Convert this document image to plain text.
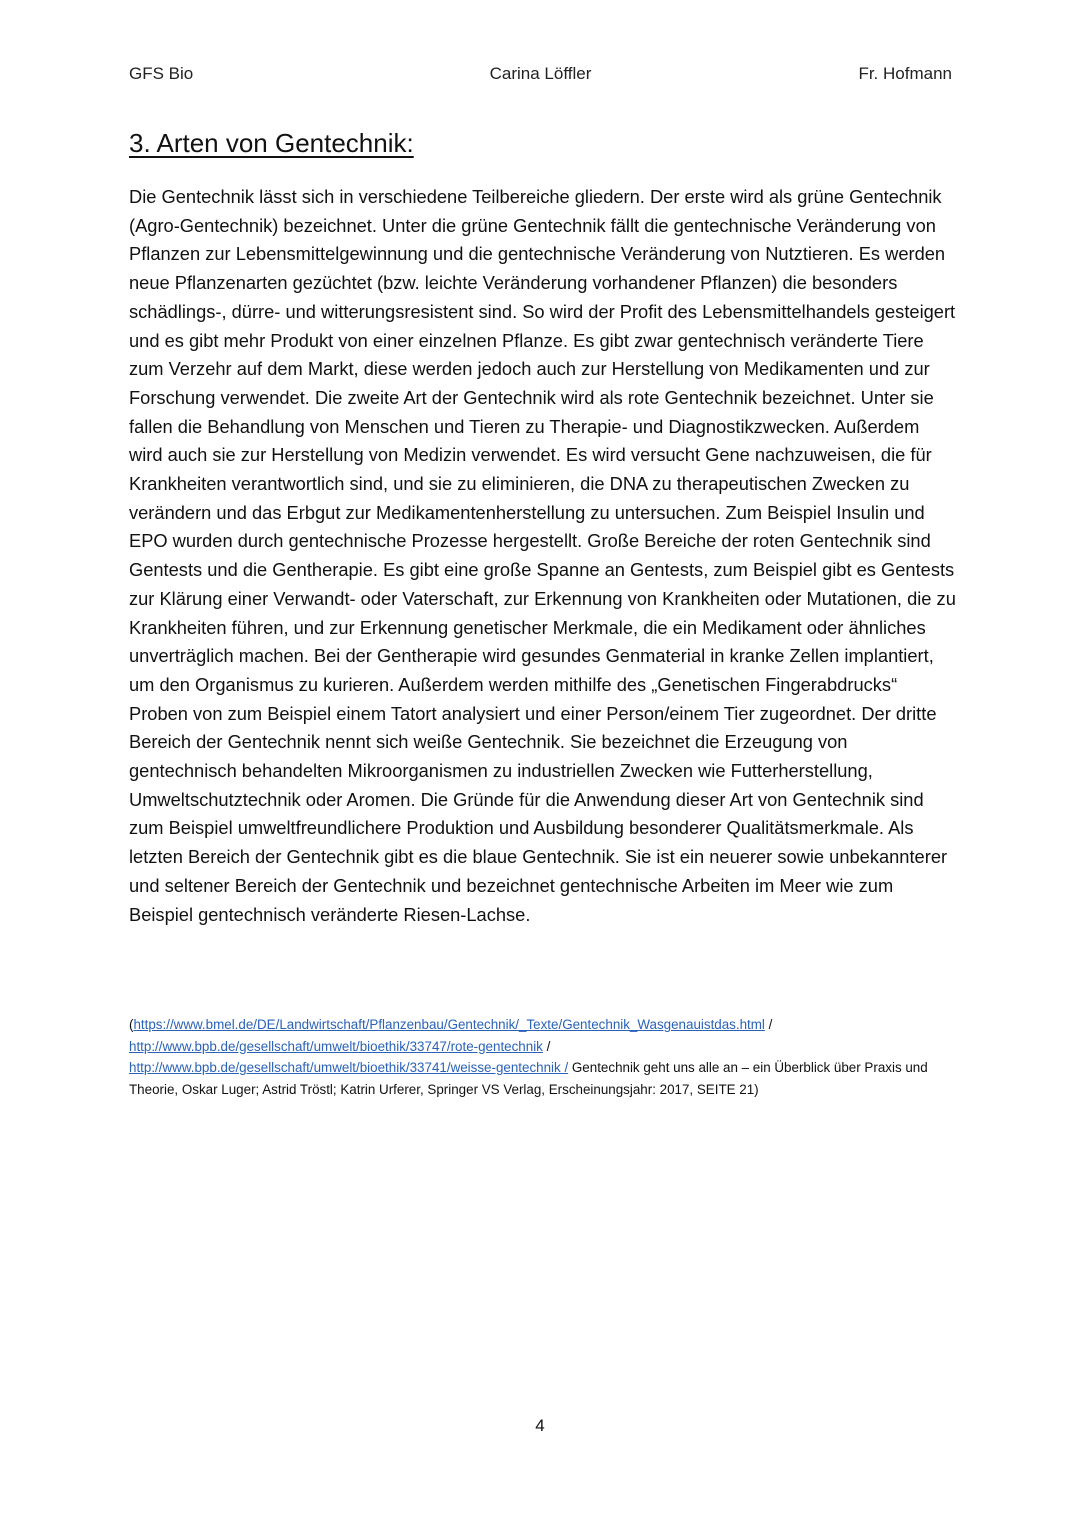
GFS Bio	Carina Löffler	Fr. Hofmann
3. Arten von Gentechnik:

Die Gentechnik lässt sich in verschiedene Teilbereiche gliedern. Der erste wird als grüne Gentechnik (Agro-Gentechnik) bezeichnet. Unter die grüne Gentechnik fällt die gentechnische Veränderung von Pflanzen zur Lebensmittelgewinnung und die gentechnische Veränderung von Nutztieren. Es werden neue Pflanzenarten gezüchtet (bzw. leichte Veränderung vorhandener Pflanzen) die besonders schädlings-, dürre- und witterungsresistent sind. So wird der Profit des Lebensmittelhandels gesteigert und es gibt mehr Produkt von einer einzelnen Pflanze. Es gibt zwar gentechnisch veränderte Tiere zum Verzehr auf dem Markt, diese werden jedoch auch zur Herstellung von Medikamenten und zur Forschung verwendet. Die zweite Art der Gentechnik wird als rote Gentechnik bezeichnet. Unter sie fallen die Behandlung von Menschen und Tieren zu Therapie- und Diagnostikzwecken. Außerdem wird auch sie zur Herstellung von Medizin verwendet. Es wird versucht Gene nachzuweisen, die für Krankheiten verantwortlich sind, und sie zu eliminieren, die DNA zu therapeutischen Zwecken zu verändern und das Erbgut zur Medikamentenherstellung zu untersuchen. Zum Beispiel Insulin und EPO wurden durch gentechnische Prozesse hergestellt. Große Bereiche der roten Gentechnik sind Gentests und die Gentherapie. Es gibt eine große Spanne an Gentests, zum Beispiel gibt es Gentests zur Klärung einer Verwandt- oder Vaterschaft, zur Erkennung von Krankheiten oder Mutationen, die zu Krankheiten führen, und zur Erkennung genetischer Merkmale, die ein Medikament oder ähnliches unverträglich machen. Bei der Gentherapie wird gesundes Genmaterial in kranke Zellen implantiert, um den Organismus zu kurieren. Außerdem werden mithilfe des „Genetischen Fingerabdrucks“ Proben von zum Beispiel einem Tatort analysiert und einer Person/einem Tier zugeordnet. Der dritte Bereich der Gentechnik nennt sich weiße Gentechnik. Sie bezeichnet die Erzeugung von gentechnisch behandelten Mikroorganismen zu industriellen Zwecken wie Futterherstellung, Umweltschutztechnik oder Aromen. Die Gründe für die Anwendung dieser Art von Gentechnik sind zum Beispiel umweltfreundlichere Produktion und Ausbildung besonderer Qualitätsmerkmale. Als letzten Bereich der Gentechnik gibt es die blaue Gentechnik. Sie ist ein neuerer sowie unbekannterer und seltener Bereich der Gentechnik und bezeichnet gentechnische Arbeiten im Meer wie zum Beispiel gentechnisch veränderte Riesen-Lachse.

(https://www.bmel.de/DE/Landwirtschaft/Pflanzenbau/Gentechnik/_Texte/Gentechnik_Wasgenauistdas.html /
http://www.bpb.de/gesellschaft/umwelt/bioethik/33747/rote-gentechnik /
http://www.bpb.de/gesellschaft/umwelt/bioethik/33741/weisse-gentechnik / Gentechnik geht uns alle an – ein Überblick über Praxis und Theorie, Oskar Luger; Astrid Tröstl; Katrin Urferer, Springer VS Verlag, Erscheinungsjahr: 2017, SEITE 21)

4
